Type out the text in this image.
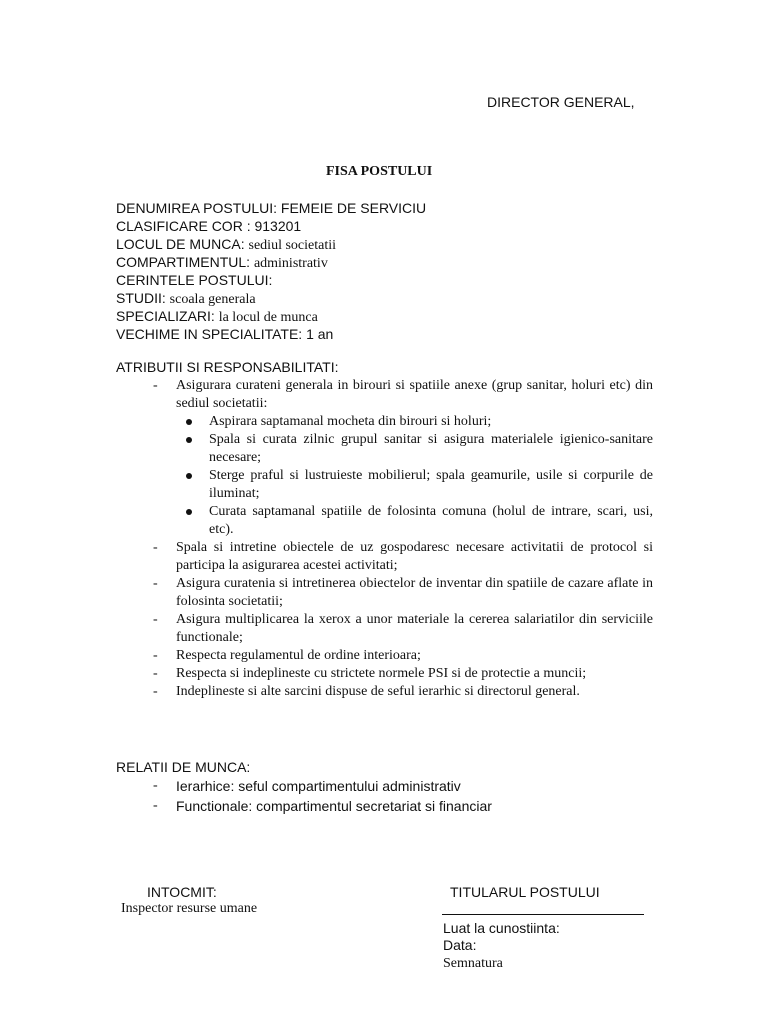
DIRECTOR GENERAL,
FISA POSTULUI
DENUMIREA POSTULUI: FEMEIE DE SERVICIU
CLASIFICARE COR : 913201
LOCUL DE MUNCA: sediul societatii
COMPARTIMENTUL: administrativ
CERINTELE POSTULUI:
STUDII: scoala generala
SPECIALIZARI: la locul de munca
VECHIME IN SPECIALITATE: 1 an
ATRIBUTII SI RESPONSABILITATI:
- Asigurara curateni generala in birouri si spatiile anexe (grup sanitar, holuri etc) din sediul societatii:
Aspirara saptamanal mocheta din birouri si holuri;
Spala si curata zilnic grupul sanitar si asigura materialele igienico-sanitare necesare;
Sterge praful si lustruieste mobilierul; spala geamurile, usile si corpurile de iluminat;
Curata saptamanal spatiile de folosinta comuna (holul de intrare, scari, usi, etc).
- Spala si intretine obiectele de uz gospodaresc necesare activitatii de protocol si participa la asigurarea acestei activitati;
- Asigura curatenia si intretinerea obiectelor de inventar din spatiile de cazare aflate in folosinta societatii;
- Asigura multiplicarea la xerox a unor materiale la cererea salariatilor din serviciile functionale;
- Respecta regulamentul de ordine interioara;
- Respecta si indeplineste cu strictete normele PSI si de protectie a muncii;
- Indeplineste si alte sarcini dispuse de seful ierarhic si directorul general.
RELATII DE MUNCA:
- Ierarhice: seful compartimentului administrativ
- Functionale: compartimentul secretariat si financiar
INTOCMIT:
Inspector resurse umane
TITULARUL POSTULUI
Luat la cunostiinta:
Data:
Semnatura
